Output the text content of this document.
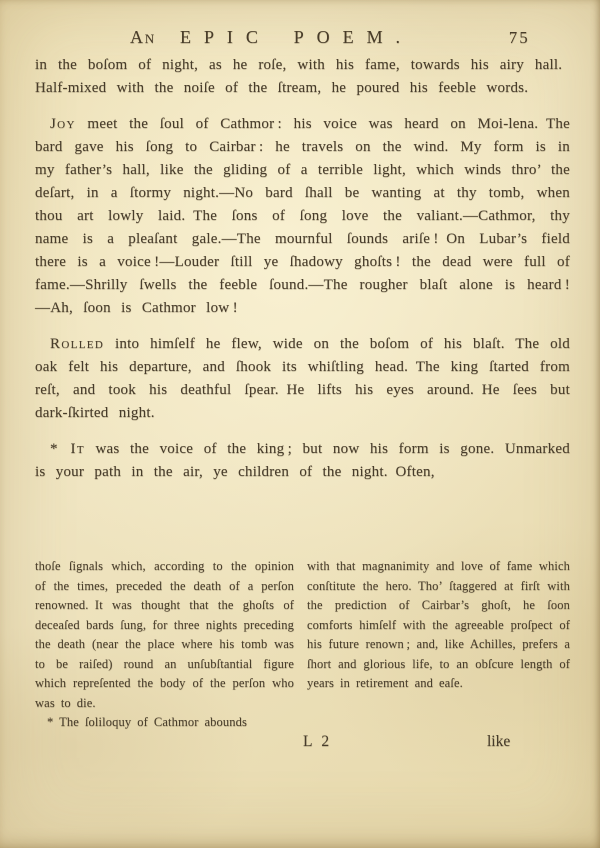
An EPIC POEM.	75

in the boſom of night, as he roſe, with his fame, towards his airy hall. Half-mixed with the noiſe of the ſtream, he poured his feeble words.

Joy meet the ſoul of Cathmor : his voice was heard on Moi-lena. The bard gave his ſong to Cairbar : he travels on the wind. My form is in my father’s hall, like the gliding of a terrible light, which winds thro’ the deſart, in a ſtormy night.—No bard ſhall be wanting at thy tomb, when thou art lowly laid. The ſons of ſong love the valiant.—Cathmor, thy name is a pleaſant gale.—The mournful ſounds ariſe ! On Lubar’s field there is a voice !—Louder ſtill ye ſhadowy ghoſts ! the dead were full of fame.—Shrilly ſwells the feeble ſound.—The rougher blaſt alone is heard !—Ah, ſoon is Cathmor low !

Rolled into himſelf he flew, wide on the boſom of his blaſt. The old oak felt his departure, and ſhook its whiſtling head. The king ſtarted from reſt, and took his deathful ſpear. He lifts his eyes around. He ſees but dark-ſkirted night.

* It was the voice of the king ; but now his form is gone. Unmarked is your path in the air, ye children of the night. Often,

thoſe ſignals which, according to the opinion of the times, preceded the death of a perſon renowned. It was thought that the ghoſts of deceaſed bards ſung, for three nights preceding the death (near the place where his tomb was to be raiſed) round an unſubſtantial figure which repreſented the body of the perſon who was to die.

* The ſoliloquy of Cathmor abounds

with that magnanimity and love of fame which conſtitute the hero. Tho’ ſtaggered at firſt with the prediction of Cairbar’s ghoſt, he ſoon comforts himſelf with the agreeable proſpect of his future renown ; and, like Achilles, prefers a ſhort and glorious life, to an obſcure length of years in retirement and eaſe.

L 2	like
